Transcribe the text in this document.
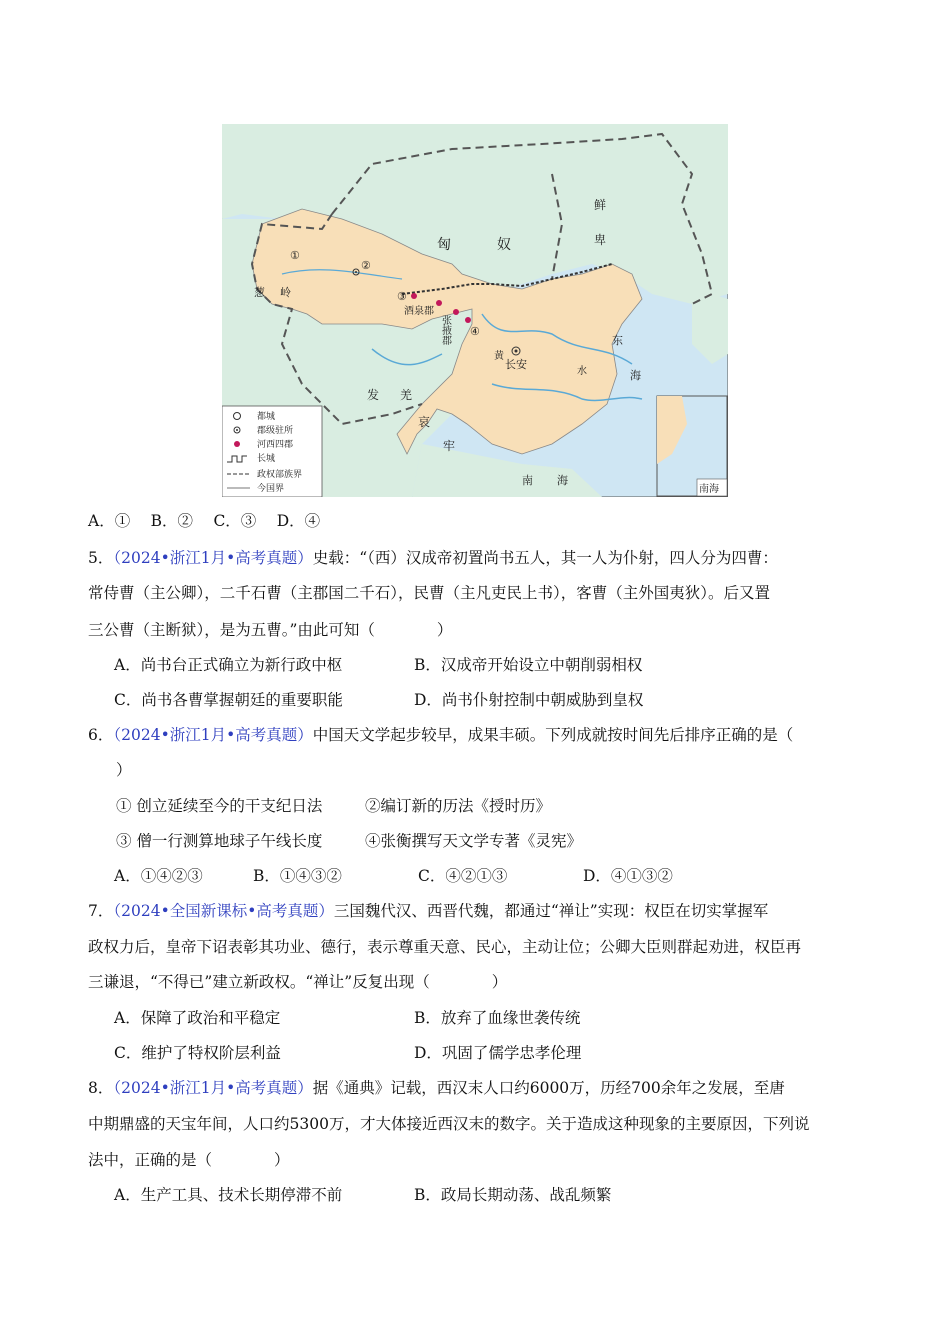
南海
都城
郡级驻所
河西四郡
长城
政权部族界
今国界
匈	奴
鲜
卑
葱 岭
酒泉郡
张
掖
郡
长安
发 羌
哀
牢
东
海
黄
水
南 海
①
②
③
④
A．①　 B．②　 C．③　 D．④
5．（2024•浙江1月•高考真题）史载：“（西）汉成帝初置尚书五人，其一人为仆射，四人分为四曹：
常侍曹（主公卿），二千石曹（主郡国二千石），民曹（主凡吏民上书），客曹（主外国夷狄）。后又置
三公曹（主断狱），是为五曹。”由此可知（　　　　）
A．尚书台正式确立为新行政中枢	B．汉成帝开始设立中朝削弱相权
C．尚书各曹掌握朝廷的重要职能	D．尚书仆射控制中朝威胁到皇权
6．（2024•浙江1月•高考真题）中国天文学起步较早，成果丰硕。下列成就按时间先后排序正确的是（
）
① 创立延续至今的干支纪日法	②编订新的历法《授时历》
③ 僧一行测算地球子午线长度	④张衡撰写天文学专著《灵宪》
A．①④②③	B．①④③②	C．④②①③	D．④①③②
7．（2024•全国新课标•高考真题）三国魏代汉、西晋代魏，都通过“禅让”实现：权臣在切实掌握军
政权力后，皇帝下诏表彰其功业、德行，表示尊重天意、民心，主动让位；公卿大臣则群起劝进，权臣再
三谦退，“不得已”建立新政权。“禅让”反复出现（　　　　）
A．保障了政治和平稳定	B．放弃了血缘世袭传统
C．维护了特权阶层利益	D．巩固了儒学忠孝伦理
8．（2024•浙江1月•高考真题）据《通典》记载，西汉末人口约6000万，历经700余年之发展，至唐
中期鼎盛的天宝年间，人口约5300万，才大体接近西汉末的数字。关于造成这种现象的主要原因，下列说
法中，正确的是（　　　　）
A．生产工具、技术长期停滞不前	B．政局长期动荡、战乱频繁
